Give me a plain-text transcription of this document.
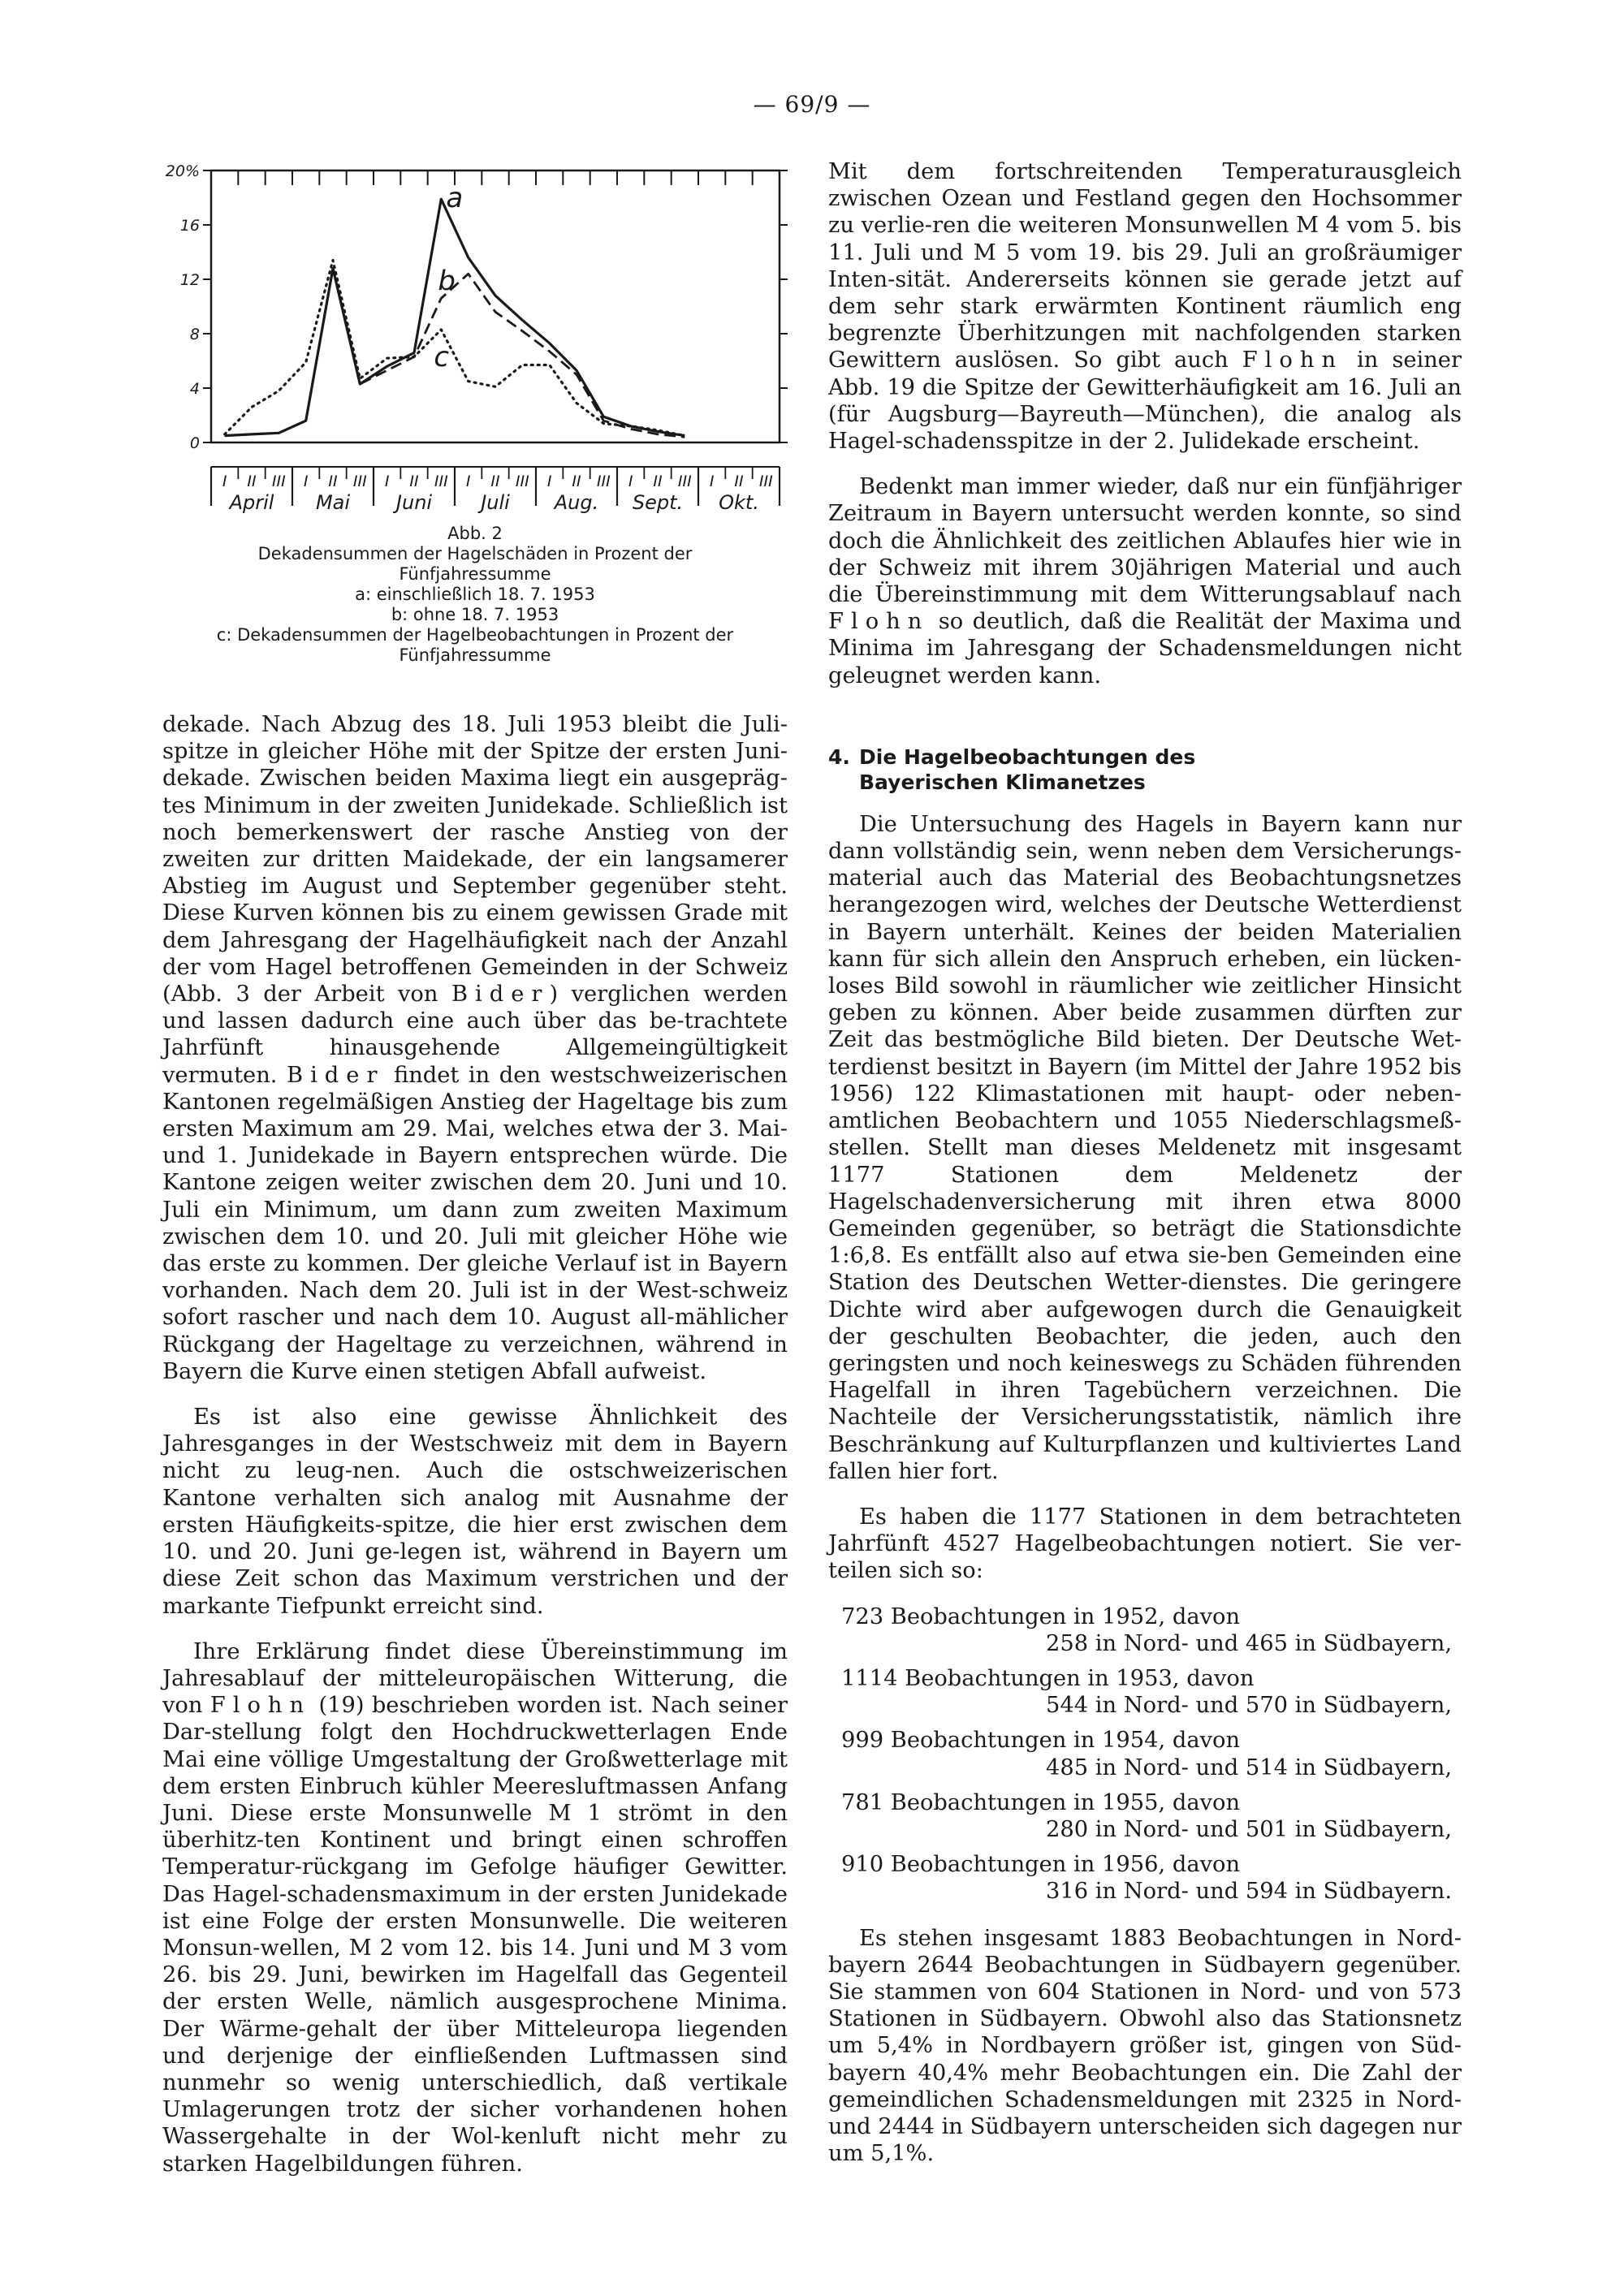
— 69/9 —
0
4
8
12
16
20%
I II III I II III I II III I II III I II III I II III I II III
April Mai Juni	Juli Aug. Sept. Okt.
a
b
c
Abb. 2
Dekadensummen der Hagelschäden in Prozent der
Fünfjahressumme
a: einschließlich 18. 7. 1953
b: ohne 18. 7. 1953
c: Dekadensummen der Hagelbeobachtungen in Prozent der
Fünfjahressumme

dekade. Nach Abzug des 18. Juli 1953 bleibt die Juli-spitze in gleicher Höhe mit der Spitze der ersten Juni-dekade. Zwischen beiden Maxima liegt ein ausgepräg-tes Minimum in der zweiten Junidekade. Schließlich ist noch bemerkenswert der rasche Anstieg von der zweiten zur dritten Maidekade, der ein langsamerer Abstieg im August und September gegenüber steht. Diese Kurven können bis zu einem gewissen Grade mit dem Jahresgang der Hagelhäufigkeit nach der Anzahl der vom Hagel betroffenen Gemeinden in der Schweiz (Abb. 3 der Arbeit von Bider) verglichen werden und lassen dadurch eine auch über das be-trachtete Jahrfünft hinausgehende Allgemeingültigkeit vermuten. Bider findet in den westschweizerischen Kantonen regelmäßigen Anstieg der Hageltage bis zum ersten Maximum am 29. Mai, welches etwa der 3. Mai- und 1. Junidekade in Bayern entsprechen würde. Die Kantone zeigen weiter zwischen dem 20. Juni und 10. Juli ein Minimum, um dann zum zweiten Maximum zwischen dem 10. und 20. Juli mit gleicher Höhe wie das erste zu kommen. Der gleiche Verlauf ist in Bayern vorhanden. Nach dem 20. Juli ist in der West-schweiz sofort rascher und nach dem 10. August all-mählicher Rückgang der Hageltage zu verzeichnen, während in Bayern die Kurve einen stetigen Abfall aufweist.

Es ist also eine gewisse Ähnlichkeit des Jahresganges in der Westschweiz mit dem in Bayern nicht zu leug-nen. Auch die ostschweizerischen Kantone verhalten sich analog mit Ausnahme der ersten Häufigkeits-spitze, die hier erst zwischen dem 10. und 20. Juni ge-legen ist, während in Bayern um diese Zeit schon das Maximum verstrichen und der markante Tiefpunkt erreicht sind.

Ihre Erklärung findet diese Übereinstimmung im Jahresablauf der mitteleuropäischen Witterung, die von Flohn (19) beschrieben worden ist. Nach seiner Dar-stellung folgt den Hochdruckwetterlagen Ende Mai eine völlige Umgestaltung der Großwetterlage mit dem ersten Einbruch kühler Meeresluftmassen Anfang Juni. Diese erste Monsunwelle M 1 strömt in den überhitz-ten Kontinent und bringt einen schroffen Temperatur-rückgang im Gefolge häufiger Gewitter. Das Hagel-schadensmaximum in der ersten Junidekade ist eine Folge der ersten Monsunwelle. Die weiteren Monsun-wellen, M 2 vom 12. bis 14. Juni und M 3 vom 26. bis 29. Juni, bewirken im Hagelfall das Gegenteil der ersten Welle, nämlich ausgesprochene Minima. Der Wärme-gehalt der über Mitteleuropa liegenden und derjenige der einfließenden Luftmassen sind nunmehr so wenig unterschiedlich, daß vertikale Umlagerungen trotz der sicher vorhandenen hohen Wassergehalte in der Wol-kenluft nicht mehr zu starken Hagelbildungen führen.

Mit dem fortschreitenden Temperaturausgleich zwischen Ozean und Festland gegen den Hochsommer zu verlie-ren die weiteren Monsunwellen M 4 vom 5. bis 11. Juli und M 5 vom 19. bis 29. Juli an großräumiger Inten-sität. Andererseits können sie gerade jetzt auf dem sehr stark erwärmten Kontinent räumlich eng begrenzte Überhitzungen mit nachfolgenden starken Gewittern auslösen. So gibt auch Flohn in seiner Abb. 19 die Spitze der Gewitterhäufigkeit am 16. Juli an (für Augsburg—Bayreuth—München), die analog als Hagel-schadensspitze in der 2. Julidekade erscheint.

Bedenkt man immer wieder, daß nur ein fünfjähriger Zeitraum in Bayern untersucht werden konnte, so sind doch die Ähnlichkeit des zeitlichen Ablaufes hier wie in der Schweiz mit ihrem 30jährigen Material und auch die Übereinstimmung mit dem Witterungsablauf nach Flohn so deutlich, daß die Realität der Maxima und Minima im Jahresgang der Schadensmeldungen nicht geleugnet werden kann.

4. Die Hagelbeobachtungen des
Bayerischen Klimanetzes

Die Untersuchung des Hagels in Bayern kann nur dann vollständig sein, wenn neben dem Versicherungs-material auch das Material des Beobachtungsnetzes herangezogen wird, welches der Deutsche Wetterdienst in Bayern unterhält. Keines der beiden Materialien kann für sich allein den Anspruch erheben, ein lücken-loses Bild sowohl in räumlicher wie zeitlicher Hinsicht geben zu können. Aber beide zusammen dürften zur Zeit das bestmögliche Bild bieten. Der Deutsche Wet-terdienst besitzt in Bayern (im Mittel der Jahre 1952 bis 1956) 122 Klimastationen mit haupt- oder neben-amtlichen Beobachtern und 1055 Niederschlagsmeß-stellen. Stellt man dieses Meldenetz mit insgesamt 1177 Stationen dem Meldenetz der Hagelschadenversicherung mit ihren etwa 8000 Gemeinden gegenüber, so beträgt die Stationsdichte 1:6,8. Es entfällt also auf etwa sie-ben Gemeinden eine Station des Deutschen Wetter-dienstes. Die geringere Dichte wird aber aufgewogen durch die Genauigkeit der geschulten Beobachter, die jeden, auch den geringsten und noch keineswegs zu Schäden führenden Hagelfall in ihren Tagebüchern verzeichnen. Die Nachteile der Versicherungsstatistik, nämlich ihre Beschränkung auf Kulturpflanzen und kultiviertes Land fallen hier fort.

Es haben die 1177 Stationen in dem betrachteten Jahrfünft 4527 Hagelbeobachtungen notiert. Sie ver-teilen sich so:

723 Beobachtungen in 1952, davon
258 in Nord- und 465 in Südbayern,
1114 Beobachtungen in 1953, davon
544 in Nord- und 570 in Südbayern,
999 Beobachtungen in 1954, davon
485 in Nord- und 514 in Südbayern,
781 Beobachtungen in 1955, davon
280 in Nord- und 501 in Südbayern,
910 Beobachtungen in 1956, davon
316 in Nord- und 594 in Südbayern.

Es stehen insgesamt 1883 Beobachtungen in Nord-bayern 2644 Beobachtungen in Südbayern gegenüber. Sie stammen von 604 Stationen in Nord- und von 573 Stationen in Südbayern. Obwohl also das Stationsnetz um 5,4% in Nordbayern größer ist, gingen von Süd-bayern 40,4% mehr Beobachtungen ein. Die Zahl der gemeindlichen Schadensmeldungen mit 2325 in Nord-und 2444 in Südbayern unterscheiden sich dagegen nur um 5,1%.
